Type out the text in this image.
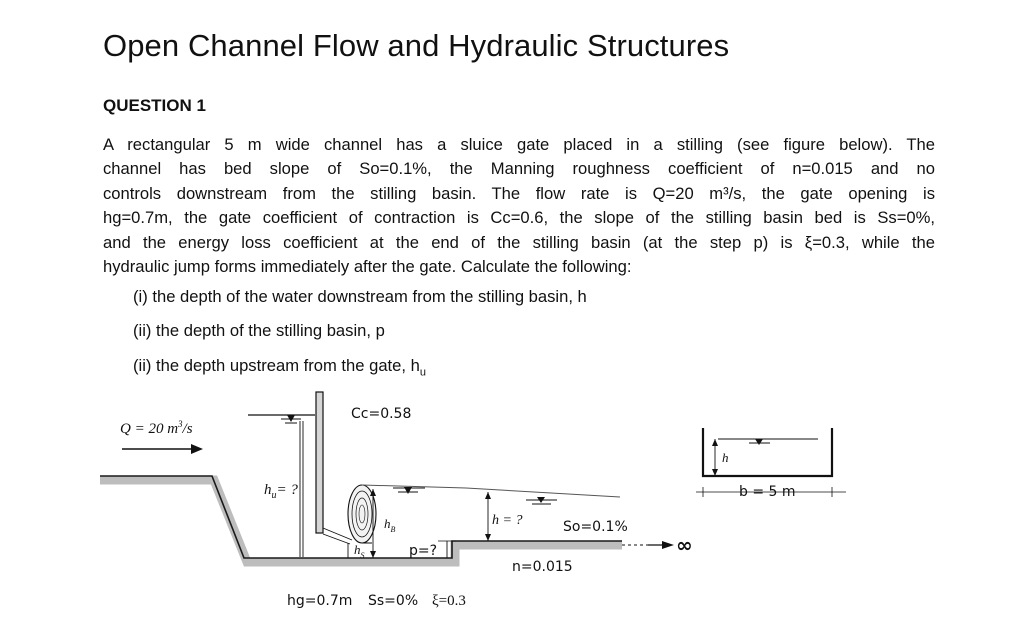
Open Channel Flow and Hydraulic Structures
QUESTION 1
A rectangular 5 m wide channel has a sluice gate placed in a stilling (see figure below). The
channel has bed slope of So=0.1%, the Manning roughness coefficient of n=0.015 and no
controls downstream from the stilling basin. The flow rate is Q=20 m³/s, the gate opening is
hg=0.7m, the gate coefficient of contraction is Cc=0.6, the slope of the stilling basin bed is Ss=0%,
and the energy loss coefficient at the end of the stilling basin (at the step p) is ξ=0.3, while the
hydraulic jump forms immediately after the gate. Calculate the following:
(i) the depth of the water downstream from the stilling basin, h
(ii) the depth of the stilling basin, p
(ii) the depth upstream from the gate, $h_u$
Q = 20 $m^3/s$
Cc=0.58
$h_u=$ ?
$h_B$
$h_S$	p=?
h = ?	So=0.1%
n=0.015
∞
hg=0.7m Ss=0% ξ=0.3
h
b = 5 m
